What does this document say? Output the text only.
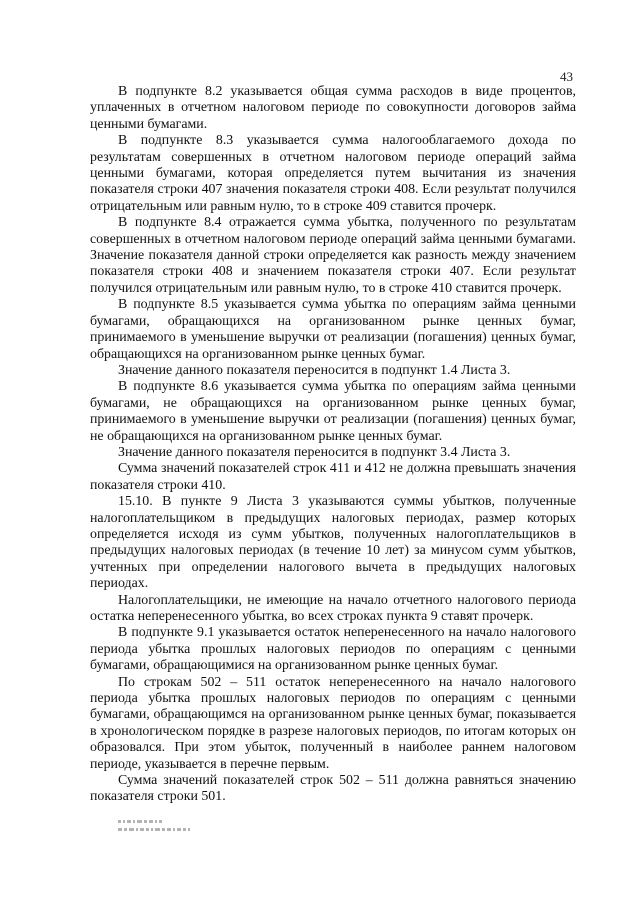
43

В подпункте 8.2 указывается общая сумма расходов в виде процентов, уплаченных в отчетном налоговом периоде по совокупности договоров займа ценными бумагами.

В подпункте 8.3 указывается сумма налогооблагаемого дохода по результатам совершенных в отчетном налоговом периоде операций займа ценными бумагами, которая определяется путем вычитания из значения показателя строки 407 значения показателя строки 408. Если результат получился отрицательным или равным нулю, то в строке 409 ставится прочерк.

В подпункте 8.4 отражается сумма убытка, полученного по результатам совершенных в отчетном налоговом периоде операций займа ценными бумагами. Значение показателя данной строки определяется как разность между значением показателя строки 408 и значением показателя строки 407. Если результат получился отрицательным или равным нулю, то в строке 410 ставится прочерк.

В подпункте 8.5 указывается сумма убытка по операциям займа ценными бумагами, обращающихся на организованном рынке ценных бумаг, принимаемого в уменьшение выручки от реализации (погашения) ценных бумаг, обращающихся на организованном рынке ценных бумаг.

Значение данного показателя переносится в подпункт 1.4 Листа 3.

В подпункте 8.6 указывается сумма убытка по операциям займа ценными бумагами, не обращающихся на организованном рынке ценных бумаг, принимаемого в уменьшение выручки от реализации (погашения) ценных бумаг, не обращающихся на организованном рынке ценных бумаг.

Значение данного показателя переносится в подпункт 3.4 Листа 3.

Сумма значений показателей строк 411 и 412 не должна превышать значения показателя строки 410.

15.10. В пункте 9 Листа 3 указываются суммы убытков, полученные налогоплательщиком в предыдущих налоговых периодах, размер которых определяется исходя из сумм убытков, полученных налогоплательщиков в предыдущих налоговых периодах (в течение 10 лет) за минусом сумм убытков, учтенных при определении налогового вычета в предыдущих налоговых периодах.

Налогоплательщики, не имеющие на начало отчетного налогового периода остатка неперенесенного убытка, во всех строках пункта 9 ставят прочерк.

В подпункте 9.1 указывается остаток неперенесенного на начало налогового периода убытка прошлых налоговых периодов по операциям с ценными бумагами, обращающимися на организованном рынке ценных бумаг.

По строкам 502 – 511 остаток неперенесенного на начало налогового периода убытка прошлых налоговых периодов по операциям с ценными бумагами, обращающимся на организованном рынке ценных бумаг, показывается в хронологическом порядке в разрезе налоговых периодов, по итогам которых он образовался. При этом убыток, полученный в наиболее раннем налоговом периоде, указывается в перечне первым.

Сумма значений показателей строк 502 – 511 должна равняться значению показателя строки 501.
